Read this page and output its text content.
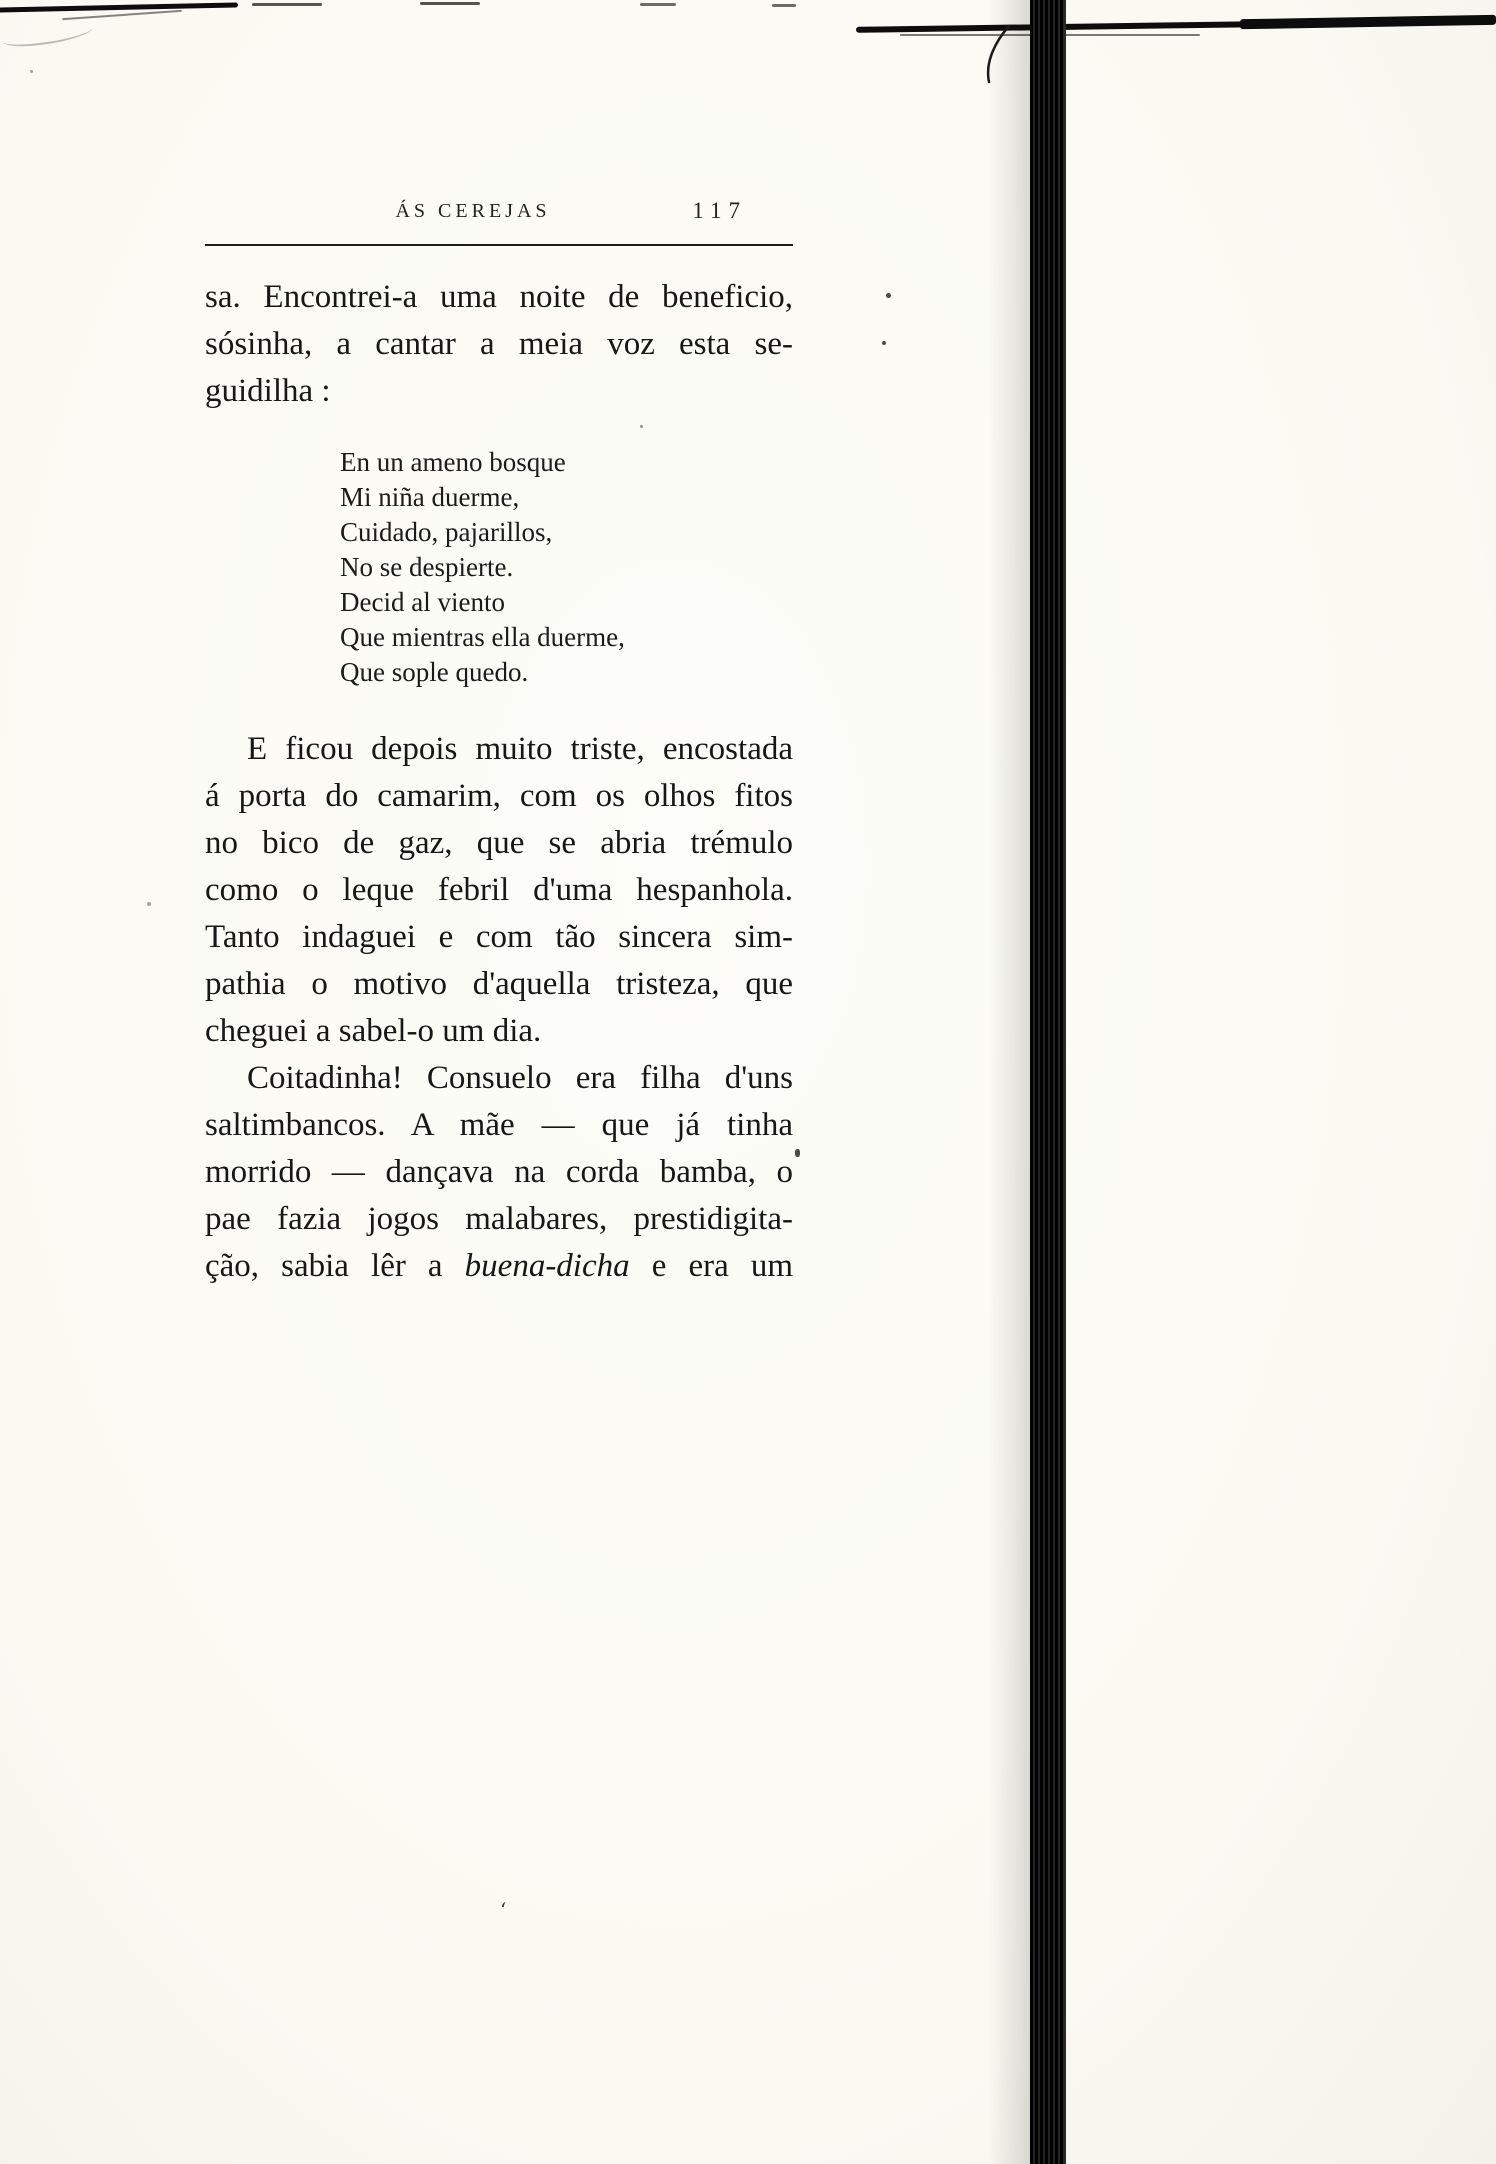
ʻ
ÁS CEREJAS	117
sa. Encontrei-a uma noite de beneficio,
sósinha, a cantar a meia voz esta se-
guidilha :
En un ameno bosque
Mi niña duerme,
Cuidado, pajarillos,
No se despierte.
Decid al viento
Que mientras ella duerme,
Que sople quedo.
E ficou depois muito triste, encostada
á porta do camarim, com os olhos fitos
no bico de gaz, que se abria trémulo
como o leque febril d'uma hespanhola.
Tanto indaguei e com tão sincera sim-
pathia o motivo d'aquella tristeza, que
cheguei a sabel-o um dia.
Coitadinha! Consuelo era filha d'uns
saltimbancos. A mãe — que já tinha
morrido — dançava na corda bamba, o
pae fazia jogos malabares, prestidigita-
ção, sabia lêr a buena-dicha e era um
